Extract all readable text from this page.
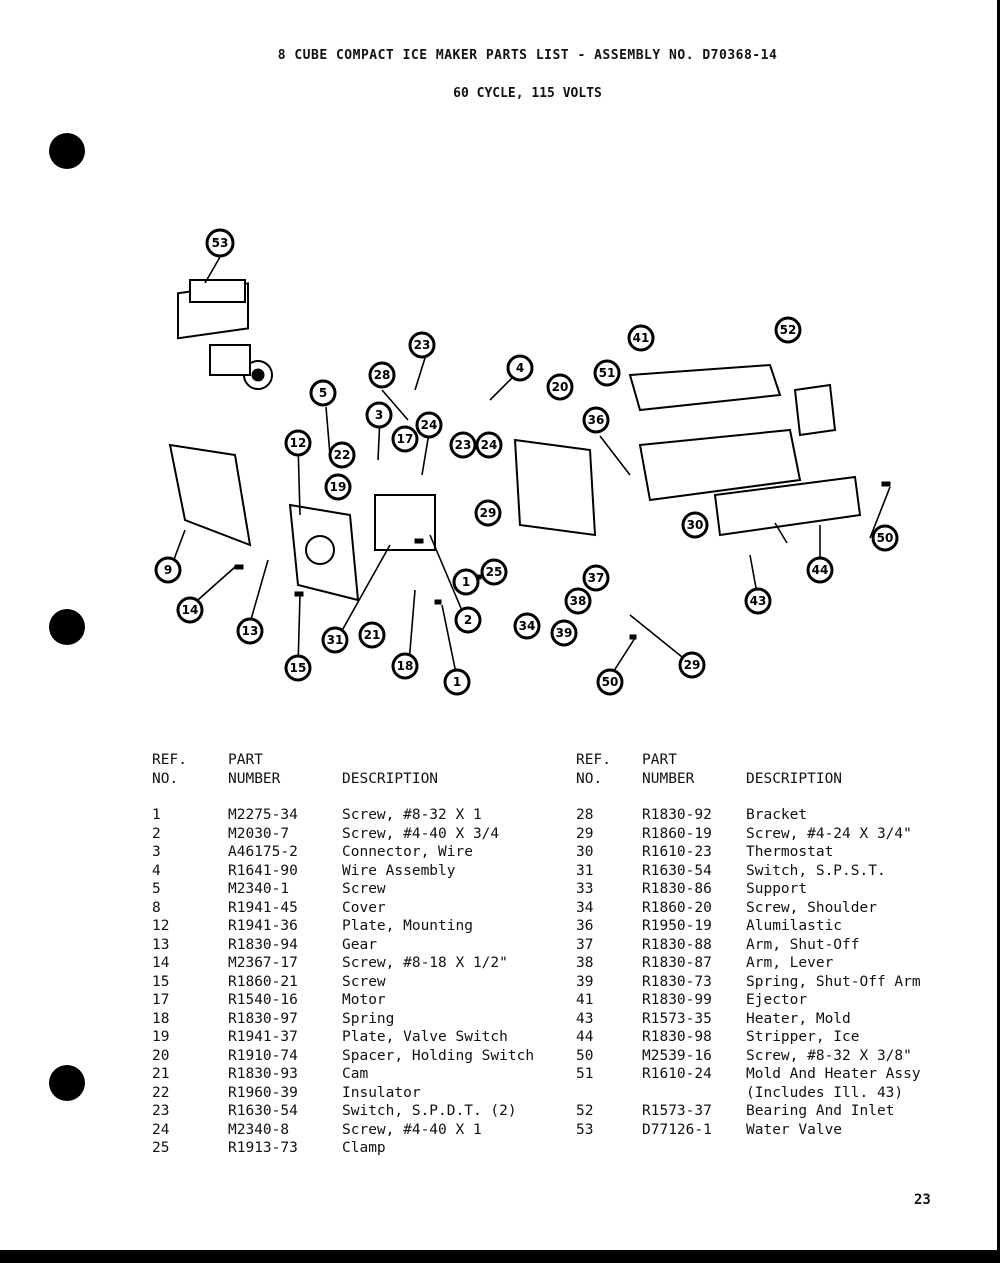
8 CUBE COMPACT ICE MAKER PARTS LIST - ASSEMBLY NO. D70368-14
60 CYCLE, 115 VOLTS
53
23
28	4
5
3
24
22
12
19
17	23 24
20
29
51
41
52
36
30
50
44
43
37
38
39
29
50
1
25
2	34
21
31
18
1
9
14
13
15
REF.	PART	
NO.	NUMBER	DESCRIPTION

1	M2275-34	Screw, #8-32 X 1
2	M2030-7	Screw, #4-40 X 3/4
3	A46175-2	Connector, Wire
4	R1641-90	Wire Assembly
5	M2340-1	Screw
8	R1941-45	Cover
12	R1941-36	Plate, Mounting
13	R1830-94	Gear
14	M2367-17	Screw, #8-18 X 1/2"
15	R1860-21	Screw
17	R1540-16	Motor
18	R1830-97	Spring
19	R1941-37	Plate, Valve Switch
20	R1910-74	Spacer, Holding Switch
21	R1830-93	Cam
22	R1960-39	Insulator
23	R1630-54	Switch, S.P.D.T. (2)
24	M2340-8	Screw, #4-40 X 1
25	R1913-73	Clamp
REF.	PART	
NO.	NUMBER	DESCRIPTION

28	R1830-92	Bracket
29	R1860-19	Screw, #4-24 X 3/4"
30	R1610-23	Thermostat
31	R1630-54	Switch, S.P.S.T.

33	R1830-86	Support
34	R1860-20	Screw, Shoulder
36	R1950-19	Alumilastic
37	R1830-88	Arm, Shut-Off
38	R1830-87	Arm, Lever
39	R1830-73	Spring, Shut-Off Arm
41	R1830-99	Ejector
43	R1573-35	Heater, Mold
44	R1830-98	Stripper, Ice
50	M2539-16	Screw, #8-32 X 3/8"
51	R1610-24	Mold And Heater Assy
		(Includes Ill. 43)
52	R1573-37	Bearing And Inlet
53	D77126-1	Water Valve
23
